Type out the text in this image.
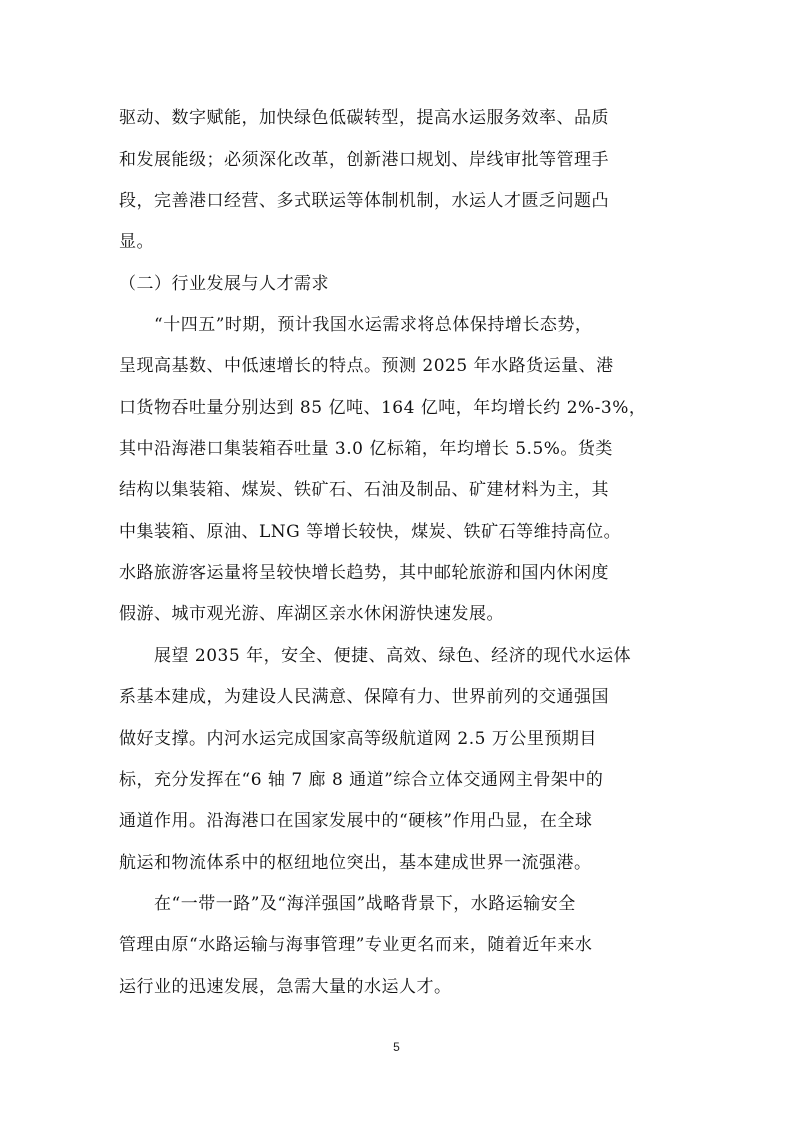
驱动、数字赋能，加快绿色低碳转型，提高水运服务效率、品质
和发展能级；必须深化改革，创新港口规划、岸线审批等管理手
段，完善港口经营、多式联运等体制机制，水运人才匮乏问题凸
显。
（二）行业发展与人才需求
　　“十四五”时期，预计我国水运需求将总体保持增长态势，
呈现高基数、中低速增长的特点。预测 2025 年水路货运量、港
口货物吞吐量分别达到 85 亿吨、164 亿吨，年均增长约 2%-3%，
其中沿海港口集装箱吞吐量 3.0 亿标箱，年均增长 5.5%。货类
结构以集装箱、煤炭、铁矿石、石油及制品、矿建材料为主，其
中集装箱、原油、LNG 等增长较快，煤炭、铁矿石等维持高位。
水路旅游客运量将呈较快增长趋势，其中邮轮旅游和国内休闲度
假游、城市观光游、库湖区亲水休闲游快速发展。
　　展望 2035 年，安全、便捷、高效、绿色、经济的现代水运体
系基本建成，为建设人民满意、保障有力、世界前列的交通强国
做好支撑。内河水运完成国家高等级航道网 2.5 万公里预期目
标，充分发挥在“6 轴 7 廊 8 通道”综合立体交通网主骨架中的
通道作用。沿海港口在国家发展中的“硬核”作用凸显，在全球
航运和物流体系中的枢纽地位突出，基本建成世界一流强港。
　　在“一带一路”及“海洋强国”战略背景下，水路运输安全
管理由原“水路运输与海事管理”专业更名而来，随着近年来水
运行业的迅速发展，急需大量的水运人才。
5
